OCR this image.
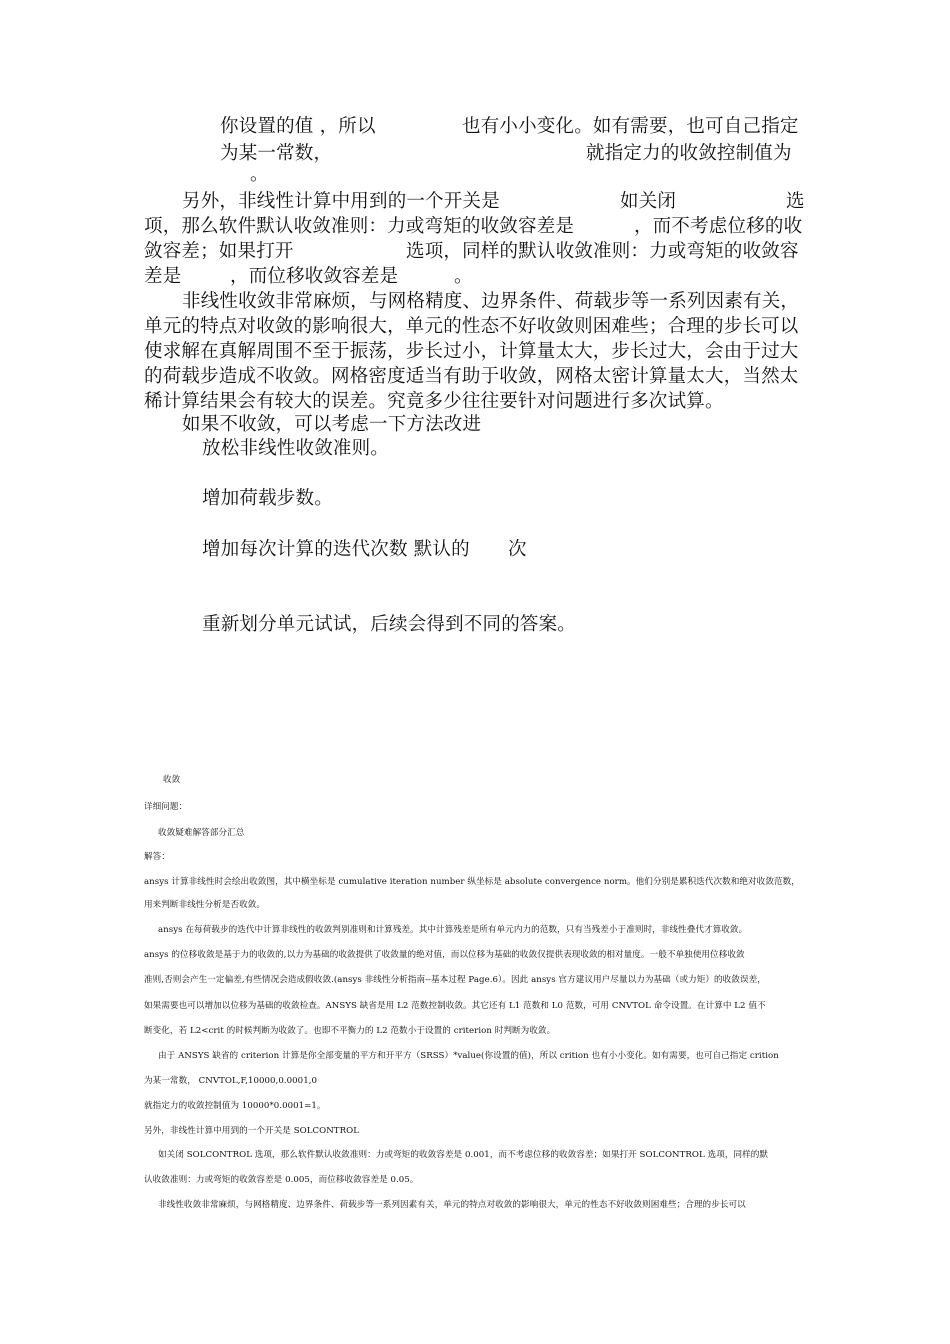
你设置的值 ，所以	也有小小变化。如有需要，也可自己指定
为某一常数，	就指定力的收敛控制值为
。
另外，非线性计算中用到的一个开关是	如关闭	选
项，那么软件默认收敛准则：力或弯矩的收敛容差是	，而不考虑位移的收
敛容差；如果打开	选项，同样的默认收敛准则：力或弯矩的收敛容
差是	，而位移收敛容差是	。
非线性收敛非常麻烦，与网格精度、边界条件、荷载步等一系列因素有关，
单元的特点对收敛的影响很大，单元的性态不好收敛则困难些；合理的步长可以
使求解在真解周围不至于振荡，步长过小，计算量太大，步长过大，会由于过大
的荷载步造成不收敛。网格密度适当有助于收敛，网格太密计算量太大，当然太
稀计算结果会有较大的误差。究竟多少往往要针对问题进行多次试算。
如果不收敛，可以考虑一下方法改进
放松非线性收敛准则。
增加荷载步数。
增加每次计算的迭代次数 默认的 次
重新划分单元试试，后续会得到不同的答案。
收敛
详细问题：
收敛疑难解答部分汇总
解答：
ansys 计算非线性时会绘出收敛图，其中横坐标是 cumulative iteration number 纵坐标是 absolute convergence norm。他们分别是累积迭代次数和绝对收敛范数，
用来判断非线性分析是否收敛。
ansys 在每荷载步的迭代中计算非线性的收敛判别准则和计算残差。其中计算残差是所有单元内力的范数，只有当残差小于准则时，非线性叠代才算收敛。
ansys 的位移收敛是基于力的收敛的,以力为基础的收敛提供了收敛量的绝对值，而以位移为基础的收敛仅提供表现收敛的相对量度。一般不单独使用位移收敛
准则,否则会产生一定偏差,有些情况会造成假收敛.(ansys 非线性分析指南--基本过程 Page.6）。因此 ansys 官方建议用户尽量以力为基础（或力矩）的收敛误差，
如果需要也可以增加以位移为基础的收敛检查。ANSYS 缺省是用 L2 范数控制收敛。其它还有 L1 范数和 L0 范数，可用 CNVTOL 命令设置。在计算中 L2 值不
断变化，若 L2<crit 的时候判断为收敛了。也即不平衡力的 L2 范数小于设置的 criterion 时判断为收敛。
由于 ANSYS 缺省的 criterion 计算是你全部变量的平方和开平方（SRSS）*value(你设置的值)，所以 crition 也有小小变化。如有需要，也可自己指定 crition
为某一常数， CNVTOL,F,10000,0.0001,0
就指定力的收敛控制值为 10000*0.0001=1。
另外，非线性计算中用到的一个开关是 SOLCONTROL
如关闭 SOLCONTROL 选项，那么软件默认收敛准则：力或弯矩的收敛容差是 0.001，而不考虑位移的收敛容差；如果打开 SOLCONTROL 选项，同样的默
认收敛准则：力或弯矩的收敛容差是 0.005，而位移收敛容差是 0.05。
非线性收敛非常麻烦，与网格精度、边界条件、荷载步等一系列因素有关，单元的特点对收敛的影响很大，单元的性态不好收敛则困难些；合理的步长可以
